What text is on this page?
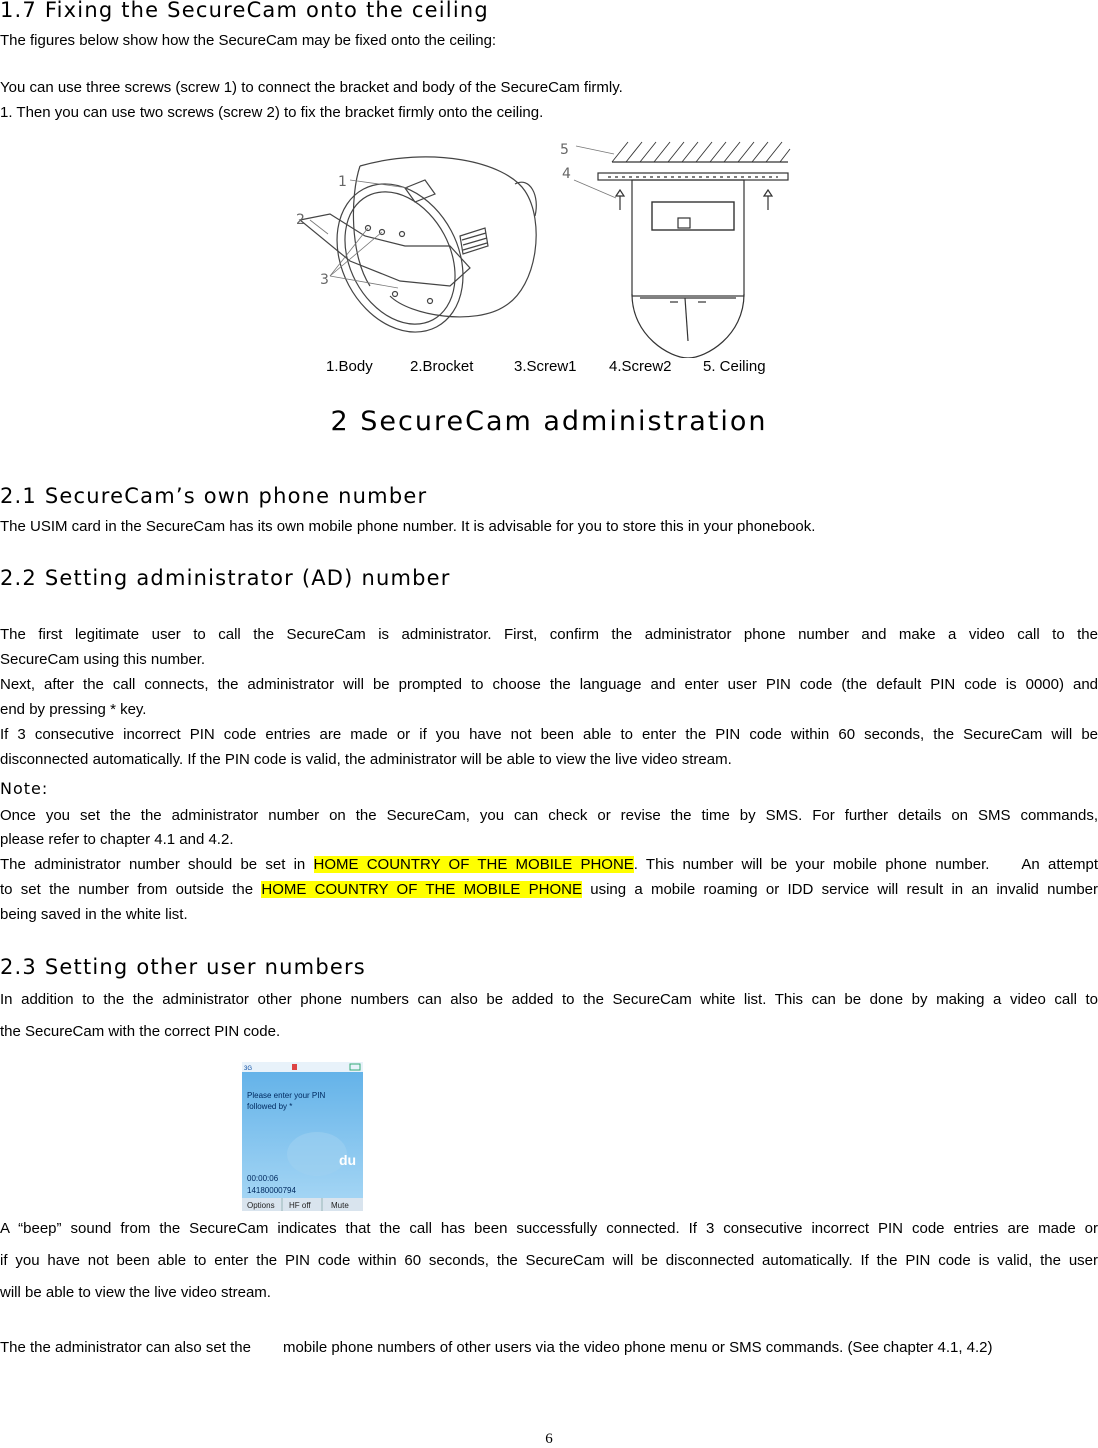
1.7 Fixing the SecureCam onto the ceiling
The figures below show how the SecureCam may be fixed onto the ceiling:
You can use three screws (screw 1) to connect the bracket and body of the SecureCam firmly.
1. Then you can use two screws (screw 2) to fix the bracket firmly onto the ceiling.
1
2
3
5
4
1.Body 2.Brocket	3.Screw1 4.Screw2 5. Ceiling
2 SecureCam administration
2.1 SecureCam’s own phone number
The USIM card in the SecureCam has its own mobile phone number. It is advisable for you to store this in your phonebook.
2.2 Setting administrator (AD) number
The first legitimate user to call the SecureCam is administrator. First, confirm the administrator phone number and make a video call to the
SecureCam using this number.
Next, after the call connects, the administrator will be prompted to choose the language and enter user PIN code (the default PIN code is 0000) and
end by pressing * key.
If 3 consecutive incorrect PIN code entries are made or if you have not been able to enter the PIN code within 60 seconds, the SecureCam will be
disconnected automatically. If the PIN code is valid, the administrator will be able to view the live video stream.
Note:
Once you set the the administrator number on the SecureCam, you can check or revise the time by SMS. For further details on SMS commands,
please refer to chapter 4.1 and 4.2.
The administrator number should be set in HOME COUNTRY OF THE MOBILE PHONE. This number will be your mobile phone number. An attempt
to set the number from outside the HOME COUNTRY OF THE MOBILE PHONE using a mobile roaming or IDD service will result in an invalid number
being saved in the white list.
2.3 Setting other user numbers
In addition to the the administrator other phone numbers can also be added to the SecureCam white list. This can be done by making a video call to
the SecureCam with the correct PIN code.
3G
Please enter your PIN
followed by *
du
00:00:06
14180000794
Options HF off	Mute
A “beep” sound from the SecureCam indicates that the call has been successfully connected. If 3 consecutive incorrect PIN code entries are made or
if you have not been able to enter the PIN code within 60 seconds, the SecureCam will be disconnected automatically. If the PIN code is valid, the user
will be able to view the live video stream.
The the administrator can also set the mobile phone numbers of other users via the video phone menu or SMS commands. (See chapter 4.1, 4.2)
6
